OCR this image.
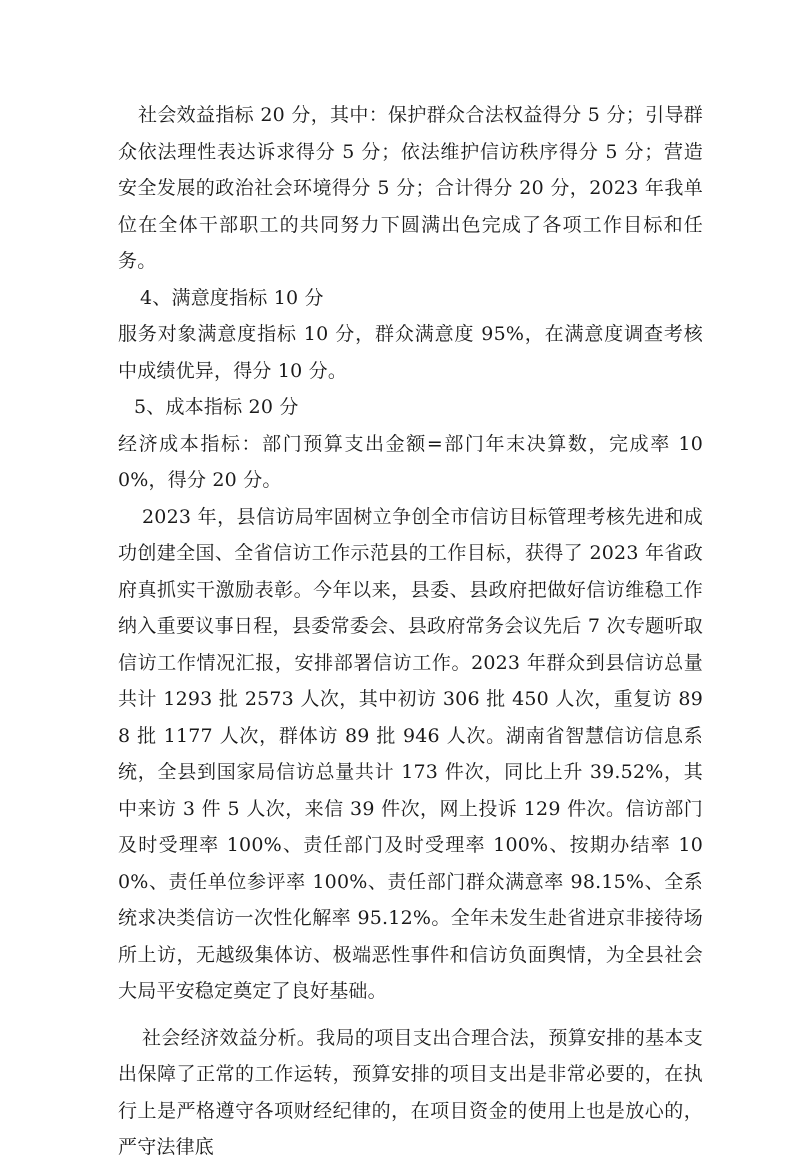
社会效益指标 20 分，其中：保护群众合法权益得分 5 分；引导群众依法理性表达诉求得分 5 分；依法维护信访秩序得分 5 分；营造安全发展的政治社会环境得分 5 分；合计得分 20 分，2023 年我单位在全体干部职工的共同努力下圆满出色完成了各项工作目标和任务。

4、满意度指标 10 分

服务对象满意度指标 10 分，群众满意度 95%，在满意度调查考核中成绩优异，得分 10 分。

5、成本指标 20 分

经济成本指标：部门预算支出金额=部门年末决算数，完成率 100%，得分 20 分。

2023 年，县信访局牢固树立争创全市信访目标管理考核先进和成功创建全国、全省信访工作示范县的工作目标，获得了 2023 年省政府真抓实干激励表彰。今年以来，县委、县政府把做好信访维稳工作纳入重要议事日程，县委常委会、县政府常务会议先后 7 次专题听取信访工作情况汇报，安排部署信访工作。2023 年群众到县信访总量共计 1293 批 2573 人次，其中初访 306 批 450 人次，重复访 898 批 1177 人次，群体访 89 批 946 人次。湖南省智慧信访信息系统，全县到国家局信访总量共计 173 件次，同比上升 39.52%，其中来访 3 件 5 人次，来信 39 件次，网上投诉 129 件次。信访部门及时受理率 100%、责任部门及时受理率 100%、按期办结率 100%、责任单位参评率 100%、责任部门群众满意率 98.15%、全系统求决类信访一次性化解率 95.12%。全年未发生赴省进京非接待场所上访，无越级集体访、极端恶性事件和信访负面舆情，为全县社会大局平安稳定奠定了良好基础。

社会经济效益分析。我局的项目支出合理合法，预算安排的基本支出保障了正常的工作运转，预算安排的项目支出是非常必要的，在执行上是严格遵守各项财经纪律的，在项目资金的使用上也是放心的，严守法律底
